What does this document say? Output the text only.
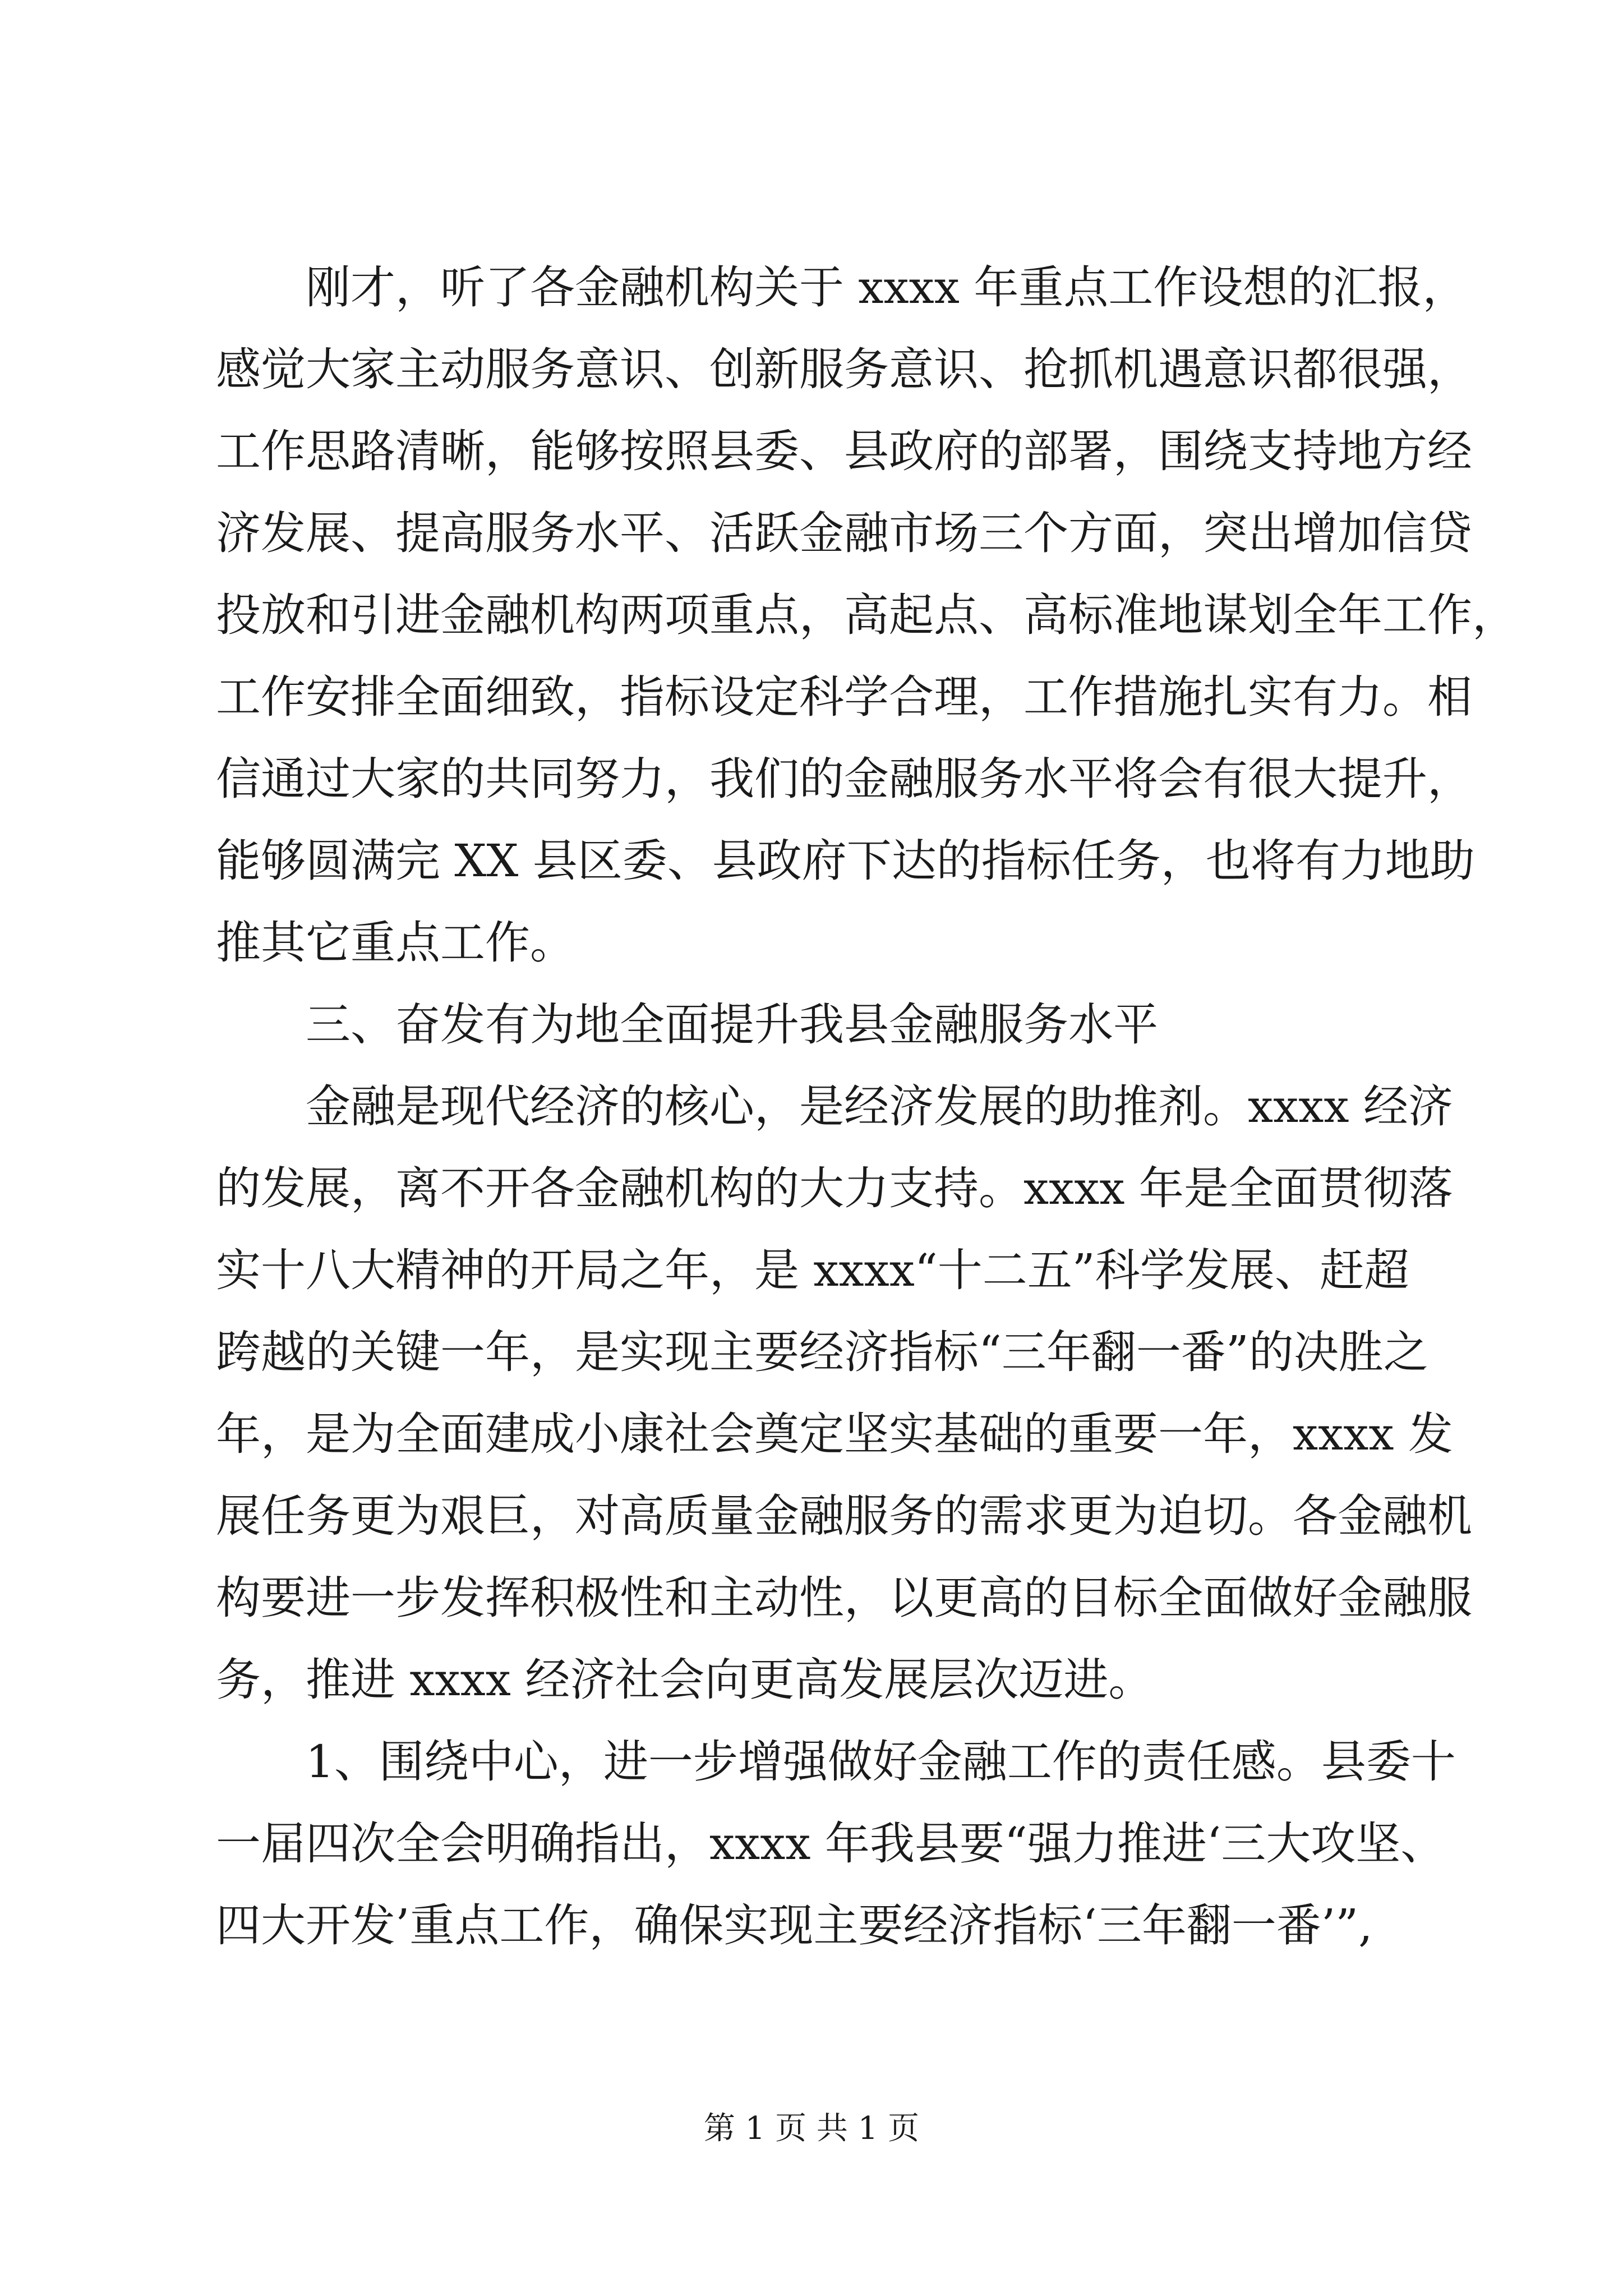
刚才，听了各金融机构关于 xxxx 年重点工作设想的汇报，
感觉大家主动服务意识、创新服务意识、抢抓机遇意识都很强，
工作思路清晰，能够按照县委、县政府的部署，围绕支持地方经
济发展、提高服务水平、活跃金融市场三个方面，突出增加信贷
投放和引进金融机构两项重点，高起点、高标准地谋划全年工作，
工作安排全面细致，指标设定科学合理，工作措施扎实有力。相
信通过大家的共同努力，我们的金融服务水平将会有很大提升，
能够圆满完 XX 县区委、县政府下达的指标任务，也将有力地助
推其它重点工作。
三、奋发有为地全面提升我县金融服务水平
金融是现代经济的核心，是经济发展的助推剂。xxxx 经济
的发展，离不开各金融机构的大力支持。xxxx 年是全面贯彻落
实十八大精神的开局之年，是 xxxx“十二五”科学发展、赶超
跨越的关键一年，是实现主要经济指标“三年翻一番”的决胜之
年，是为全面建成小康社会奠定坚实基础的重要一年，xxxx 发
展任务更为艰巨，对高质量金融服务的需求更为迫切。各金融机
构要进一步发挥积极性和主动性，以更高的目标全面做好金融服
务，推进 xxxx 经济社会向更高发展层次迈进。
1、围绕中心，进一步增强做好金融工作的责任感。县委十
一届四次全会明确指出，xxxx 年我县要“强力推进‘三大攻坚、
四大开发’重点工作，确保实现主要经济指标‘三年翻一番’”,
第 1 页 共 1 页
